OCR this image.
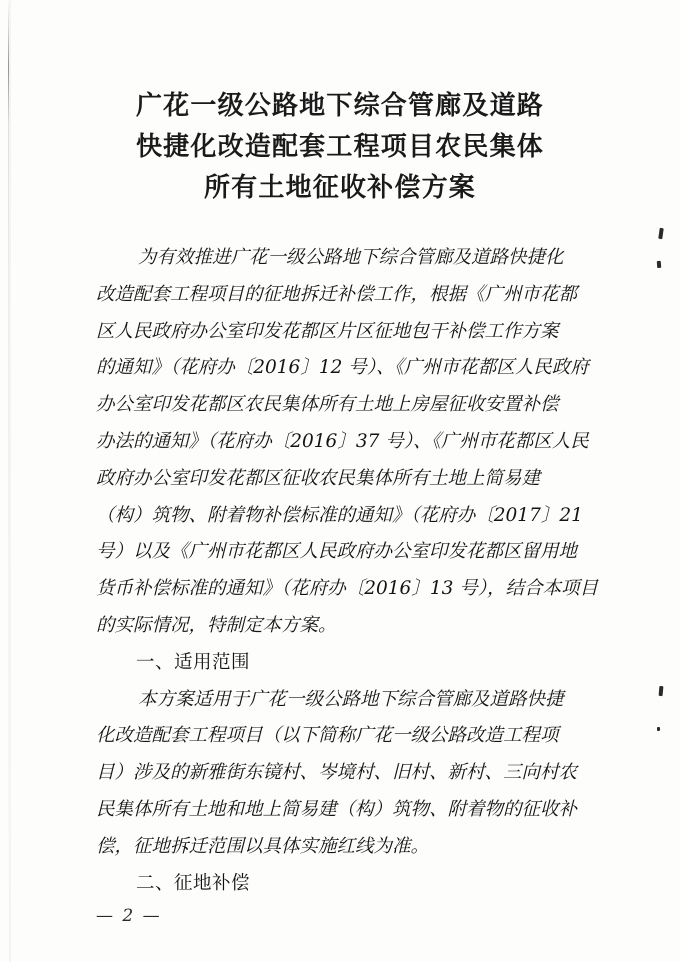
广花一级公路地下综合管廊及道路
快捷化改造配套工程项目农民集体
所有土地征收补偿方案
为有效推进广花一级公路地下综合管廊及道路快捷化
改造配套工程项目的征地拆迁补偿工作，根据《广州市花都
区人民政府办公室印发花都区片区征地包干补偿工作方案
的通知》（花府办〔2016〕12 号）、《广州市花都区人民政府
办公室印发花都区农民集体所有土地上房屋征收安置补偿
办法的通知》（花府办〔2016〕37 号）、《广州市花都区人民
政府办公室印发花都区征收农民集体所有土地上简易建
（构）筑物、附着物补偿标准的通知》（花府办〔2017〕21
号）以及《广州市花都区人民政府办公室印发花都区留用地
货币补偿标准的通知》（花府办〔2016〕13 号），结合本项目
的实际情况，特制定本方案。
一、适用范围
本方案适用于广花一级公路地下综合管廊及道路快捷
化改造配套工程项目（以下简称广花一级公路改造工程项
目）涉及的新雅街东镜村、岑境村、旧村、新村、三向村农
民集体所有土地和地上简易建（构）筑物、附着物的征收补
偿，征地拆迁范围以具体实施红线为准。
二、征地补偿
— 2 —
